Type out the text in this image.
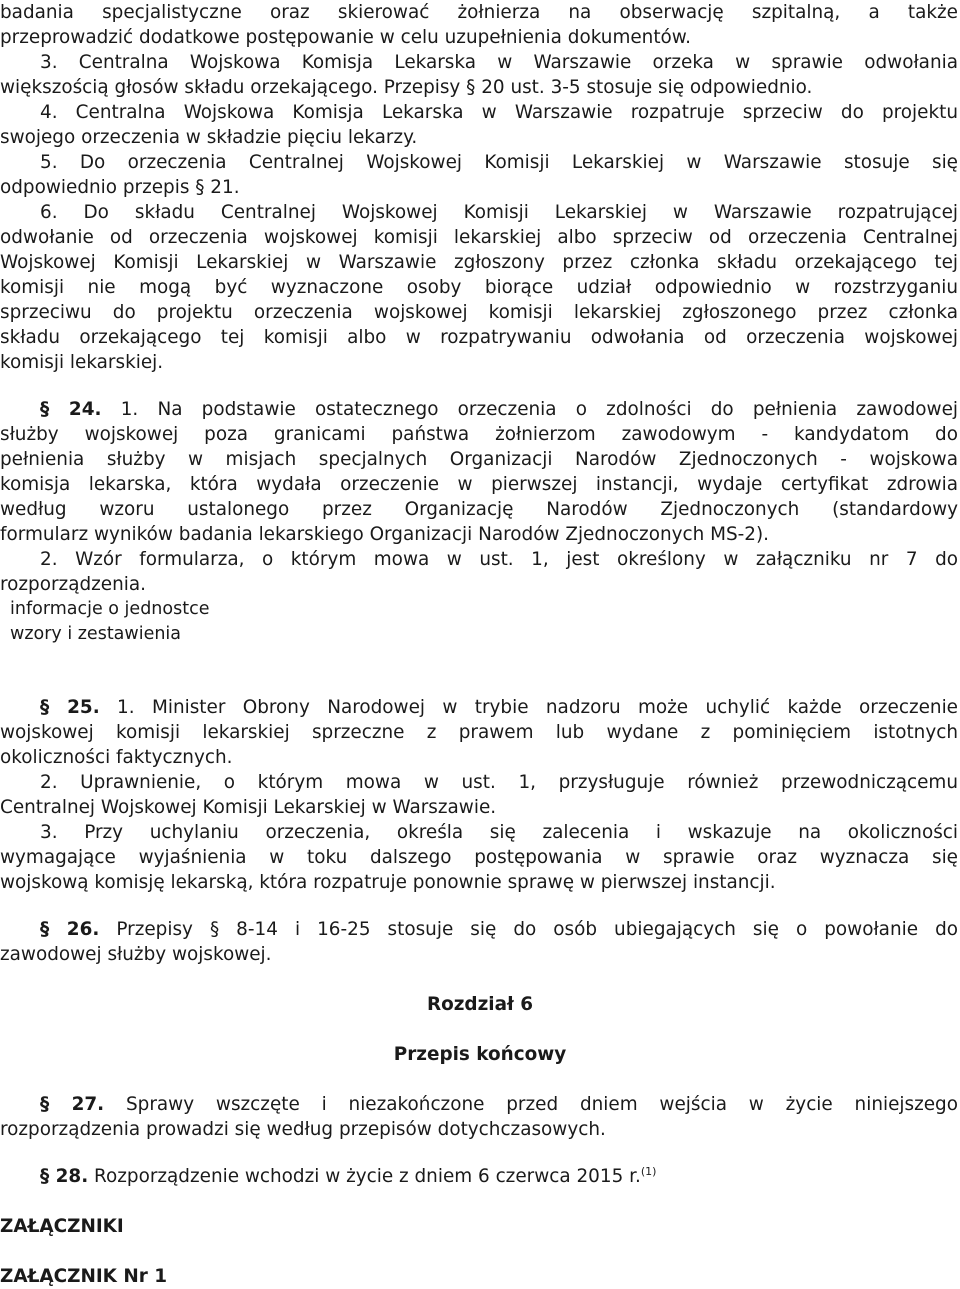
badania specjalistyczne oraz skierować żołnierza na obserwację szpitalną, a także
przeprowadzić dodatkowe postępowanie w celu uzupełnienia dokumentów.
3. Centralna Wojskowa Komisja Lekarska w Warszawie orzeka w sprawie odwołania
większością głosów składu orzekającego. Przepisy § 20 ust. 3-5 stosuje się odpowiednio.
4. Centralna Wojskowa Komisja Lekarska w Warszawie rozpatruje sprzeciw do projektu
swojego orzeczenia w składzie pięciu lekarzy.
5. Do orzeczenia Centralnej Wojskowej Komisji Lekarskiej w Warszawie stosuje się
odpowiednio przepis § 21.
6. Do składu Centralnej Wojskowej Komisji Lekarskiej w Warszawie rozpatrującej
odwołanie od orzeczenia wojskowej komisji lekarskiej albo sprzeciw od orzeczenia Centralnej
Wojskowej Komisji Lekarskiej w Warszawie zgłoszony przez członka składu orzekającego tej
komisji nie mogą być wyznaczone osoby biorące udział odpowiednio w rozstrzyganiu
sprzeciwu do projektu orzeczenia wojskowej komisji lekarskiej zgłoszonego przez członka
składu orzekającego tej komisji albo w rozpatrywaniu odwołania od orzeczenia wojskowej
komisji lekarskiej.
§ 24. 1. Na podstawie ostatecznego orzeczenia o zdolności do pełnienia zawodowej
służby wojskowej poza granicami państwa żołnierzom zawodowym - kandydatom do
pełnienia służby w misjach specjalnych Organizacji Narodów Zjednoczonych - wojskowa
komisja lekarska, która wydała orzeczenie w pierwszej instancji, wydaje certyfikat zdrowia
według wzoru ustalonego przez Organizację Narodów Zjednoczonych (standardowy
formularz wyników badania lekarskiego Organizacji Narodów Zjednoczonych MS-2).
2. Wzór formularza, o którym mowa w ust. 1, jest określony w załączniku nr 7 do
rozporządzenia.
informacje o jednostce
wzory i zestawienia
§ 25. 1. Minister Obrony Narodowej w trybie nadzoru może uchylić każde orzeczenie
wojskowej komisji lekarskiej sprzeczne z prawem lub wydane z pominięciem istotnych
okoliczności faktycznych.
2. Uprawnienie, o którym mowa w ust. 1, przysługuje również przewodniczącemu
Centralnej Wojskowej Komisji Lekarskiej w Warszawie.
3. Przy uchylaniu orzeczenia, określa się zalecenia i wskazuje na okoliczności
wymagające wyjaśnienia w toku dalszego postępowania w sprawie oraz wyznacza się
wojskową komisję lekarską, która rozpatruje ponownie sprawę w pierwszej instancji.
§ 26. Przepisy § 8-14 i 16-25 stosuje się do osób ubiegających się o powołanie do
zawodowej służby wojskowej.
Rozdział 6
Przepis końcowy
§ 27. Sprawy wszczęte i niezakończone przed dniem wejścia w życie niniejszego
rozporządzenia prowadzi się według przepisów dotychczasowych.
§ 28. Rozporządzenie wchodzi w życie z dniem 6 czerwca 2015 r.$^{(1)}$
ZAŁĄCZNIKI
ZAŁĄCZNIK Nr 1
